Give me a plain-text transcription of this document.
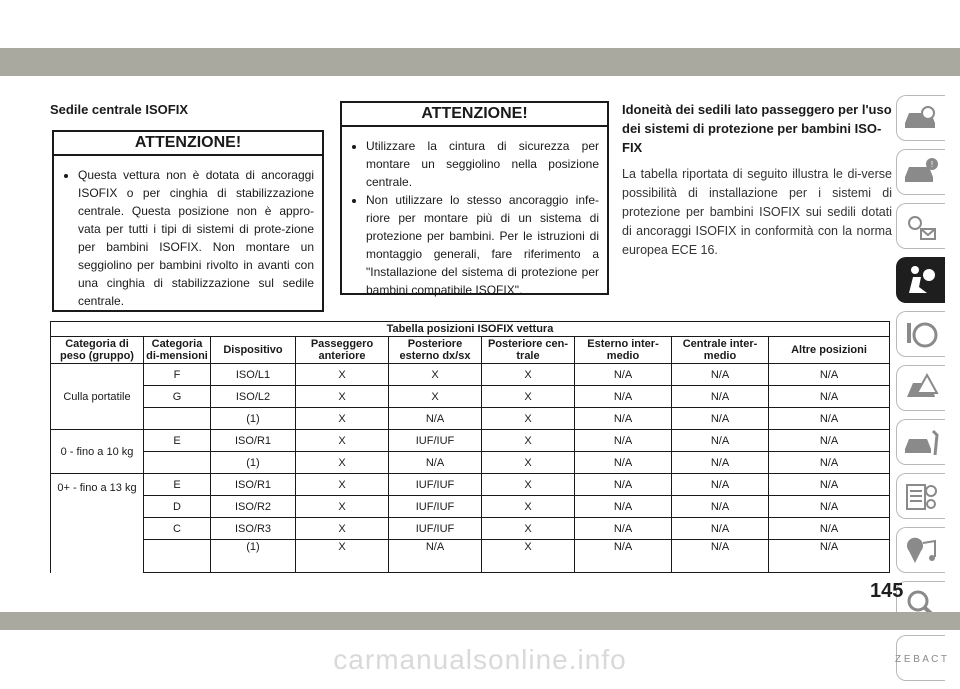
Sedile centrale ISOFIX
ATTENZIONE!
• Questa vettura non è dotata di ancoraggi ISOFIX o per cinghia di stabilizzazione centrale. Questa posizione non è appro-vata per tutti i tipi di sistemi di prote-zione per bambini ISOFIX. Non montare un seggiolino per bambini rivolto in avanti con una cinghia di stabilizzazione sul sedile centrale.
ATTENZIONE!
• Utilizzare la cintura di sicurezza per montare un seggiolino nella posizione centrale.
• Non utilizzare lo stesso ancoraggio infe-riore per montare più di un sistema di protezione per bambini. Per le istruzioni di montaggio generali, fare riferimento a "Installazione del sistema di protezione per bambini compatibile ISOFIX".
Idoneità dei sedili lato passeggero per l'uso dei sistemi di protezione per bambini ISO-FIX

La tabella riportata di seguito illustra le di-verse possibilità di installazione per i sistemi di protezione per bambini ISOFIX sui sedili dotati di ancoraggi ISOFIX in conformità con la norma europea ECE 16.

Tabella posizioni ISOFIX vettura								
Categoria di peso (gruppo)	Categoria di-mensioni	Dispositivo	Passeggero anteriore	Posteriore esterno dx/sx	Posteriore cen-trale	Esterno inter-medio	Centrale inter-medio	Altre posizioni
Culla portatile	F	ISO/L1	X	X	X	N/A	N/A	N/A
	G	ISO/L2	X	X	X	N/A	N/A	N/A
		(1)	X	N/A	X	N/A	N/A	N/A
0 - fino a 10 kg	E	ISO/R1	X	IUF/IUF	X	N/A	N/A	N/A
		(1)	X	N/A	X	N/A	N/A	N/A
0+ - fino a 13 kg	E	ISO/R1	X	IUF/IUF	X	N/A	N/A	N/A
	D	ISO/R2	X	IUF/IUF	X	N/A	N/A	N/A
	C	ISO/R3	X	IUF/IUF	X	N/A	N/A	N/A
		(1)	X	N/A	X	N/A	N/A	N/A
!
Z E B A C T
145
carmanualsonline.info
